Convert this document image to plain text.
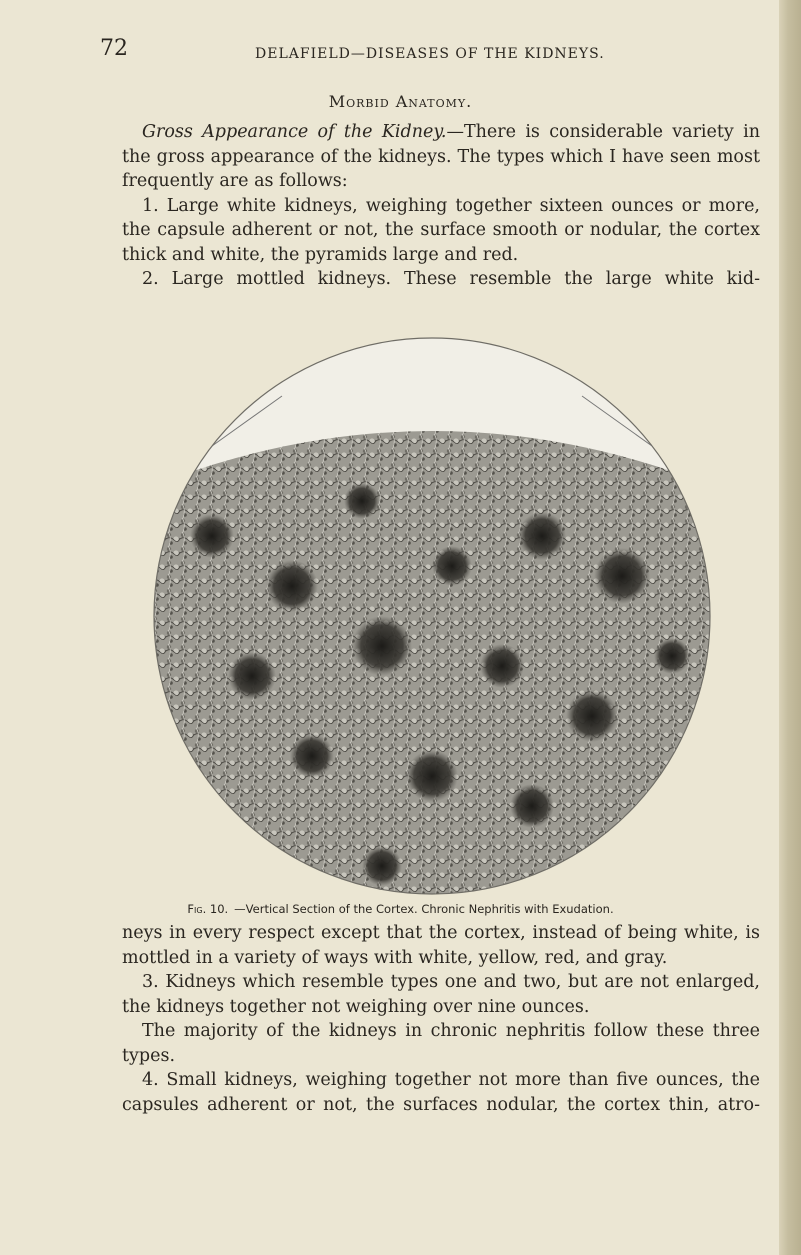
72	DELAFIELD—DISEASES OF THE KIDNEYS.
Morbid Anatomy.

Gross Appearance of the Kidney.—There is considerable variety in the gross appearance of the kidneys. The types which I have seen most frequently are as follows:

1. Large white kidneys, weighing together sixteen ounces or more, the capsule adherent or not, the surface smooth or nodular, the cortex thick and white, the pyramids large and red.

2. Large mottled kidneys. These resemble the large white kid-

Fig. 10. —Vertical Section of the Cortex. Chronic Nephritis with Exudation.

neys in every respect except that the cortex, instead of being white, is mottled in a variety of ways with white, yellow, red, and gray.

3. Kidneys which resemble types one and two, but are not enlarged, the kidneys together not weighing over nine ounces.

The majority of the kidneys in chronic nephritis follow these three types.

4. Small kidneys, weighing together not more than five ounces, the capsules adherent or not, the surfaces nodular, the cortex thin, atro-
